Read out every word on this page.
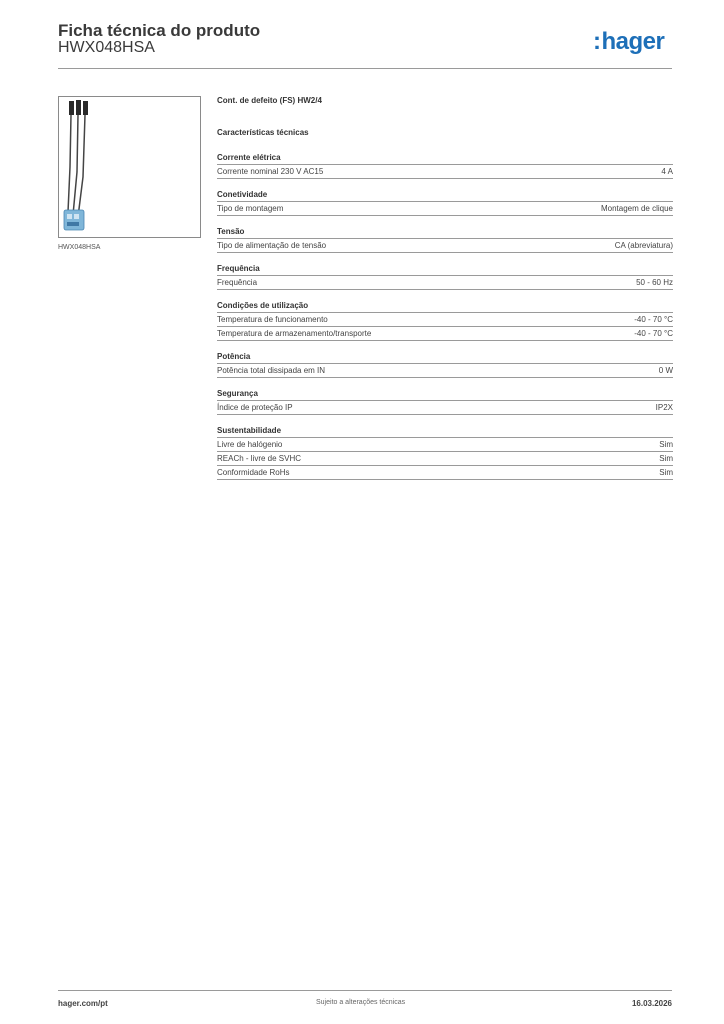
Ficha técnica do produto
HWX048HSA	:hager
HWX048HSA
Cont. de defeito (FS) HW2/4
Características técnicas
Corrente elétrica
Corrente nominal 230 V AC15	4 A
Conetividade
Tipo de montagem	Montagem de clique
Tensão
Tipo de alimentação de tensão	CA (abreviatura)
Frequência
Frequência	50 - 60 Hz
Condições de utilização
Temperatura de funcionamento	-40 - 70 °C
Temperatura de armazenamento/transporte	-40 - 70 °C
Potência
Potência total dissipada em IN	0 W
Segurança
Índice de proteção IP	IP2X
Sustentabilidade
Livre de halógenio	Sim
REACh - livre de SVHC	Sim
Conformidade RoHs	Sim
hager.com/pt	Sujeito a alterações técnicas	16.03.2026
